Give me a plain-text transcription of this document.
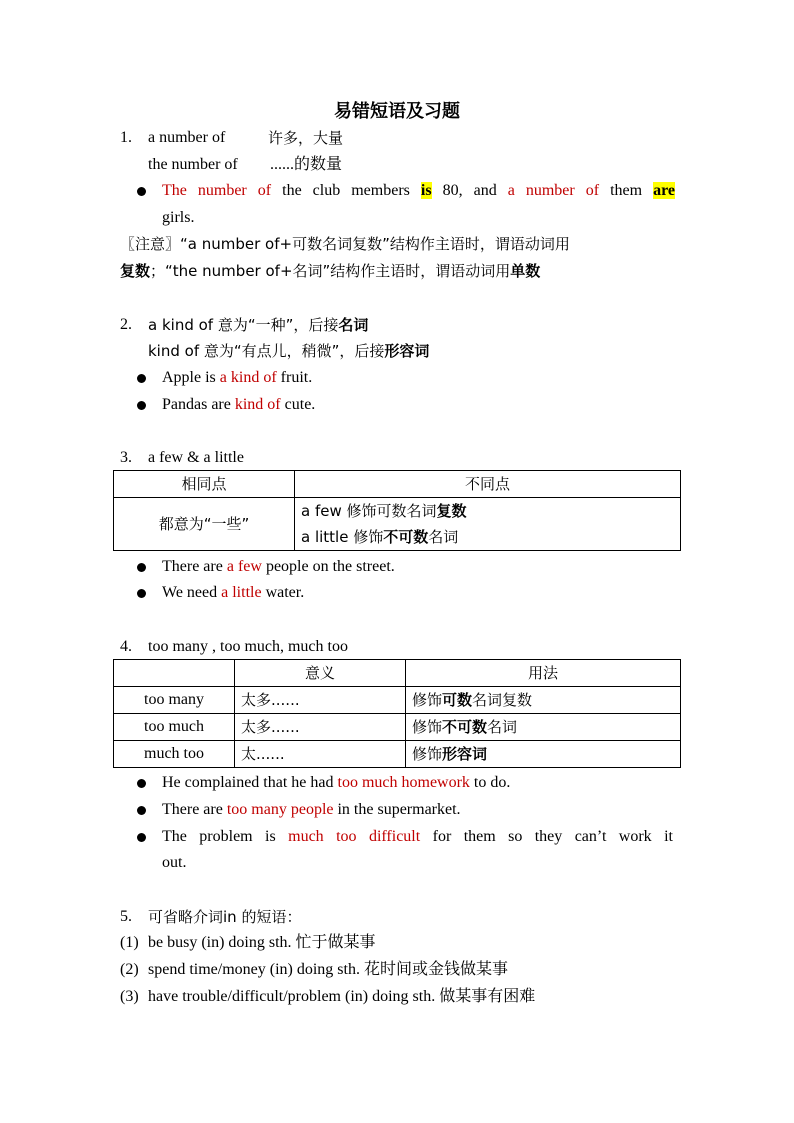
易错短语及习题
1. a number of	许多，大量
the number of ......的数量
The number of the club members is 80, and a number of them are
girls.
〖注意〗“a number of+可数名词复数”结构作主语时，谓语动词用
复数；“the number of+名词”结构作主语时，谓语动词用单数
2. a kind of 意为“一种”，后接名词
kind of 意为“有点儿，稍微”，后接形容词
Apple is a kind of fruit.
Pandas are kind of cute.
3. a few & a little
相同点	不同点
都意为“一些”	a few 修饰可数名词复数
a little 修饰不可数名词
There are a few people on the street.
We need a little water.
4. too many , too much, much too
	意义	用法
too many	太多......	修饰可数名词复数
too much	太多......	修饰不可数名词
much too	太......	修饰形容词
He complained that he had too much homework to do.
There are too many people in the supermarket.
The problem is much too difficult for them so they can’t work it
out.
5. 可省略介词in 的短语：
(1) be busy (in) doing sth. 忙于做某事
(2) spend time/money (in) doing sth. 花时间或金钱做某事
(3) have trouble/difficult/problem (in) doing sth. 做某事有困难
